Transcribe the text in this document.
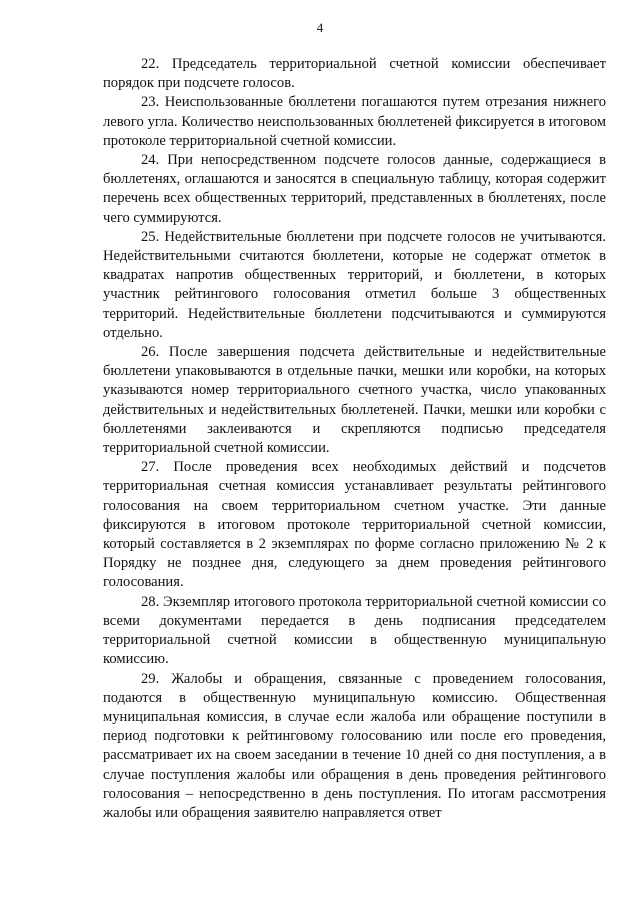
4

22. Председатель территориальной счетной комиссии обеспечивает порядок при подсчете голосов.

23. Неиспользованные бюллетени погашаются путем отрезания нижнего левого угла. Количество неиспользованных бюллетеней фиксируется в итоговом протоколе территориальной счетной комиссии.

24. При непосредственном подсчете голосов данные, содержащиеся в бюллетенях, оглашаются и заносятся в специальную таблицу, которая содержит перечень всех общественных территорий, представленных в бюллетенях, после чего суммируются.

25. Недействительные бюллетени при подсчете голосов не учитываются. Недействительными считаются бюллетени, которые не содержат отметок в квадратах напротив общественных территорий, и бюллетени, в которых участник рейтингового голосования отметил больше 3 общественных территорий. Недействительные бюллетени подсчитываются и суммируются отдельно.

26. После завершения подсчета действительные и недействительные бюллетени упаковываются в отдельные пачки, мешки или коробки, на которых указываются номер территориального счетного участка, число упакованных действительных и недействительных бюллетеней. Пачки, мешки или коробки с бюллетенями заклеиваются и скрепляются подписью председателя территориальной счетной комиссии.

27. После проведения всех необходимых действий и подсчетов территориальная счетная комиссия устанавливает результаты рейтингового голосования на своем территориальном счетном участке. Эти данные фиксируются в итоговом протоколе территориальной счетной комиссии, который составляется в 2 экземплярах по форме согласно приложению № 2 к Порядку не позднее дня, следующего за днем проведения рейтингового голосования.

28. Экземпляр итогового протокола территориальной счетной комиссии со всеми документами передается в день подписания председателем территориальной счетной комиссии в общественную муниципальную комиссию.

29. Жалобы и обращения, связанные с проведением голосования, подаются в общественную муниципальную комиссию. Общественная муниципальная комиссия, в случае если жалоба или обращение поступили в период подготовки к рейтинговому голосованию или после его проведения, рассматривает их на своем заседании в течение 10 дней со дня поступления, а в случае поступления жалобы или обращения в день проведения рейтингового голосования – непосредственно в день поступления. По итогам рассмотрения жалобы или обращения заявителю направляется ответ
